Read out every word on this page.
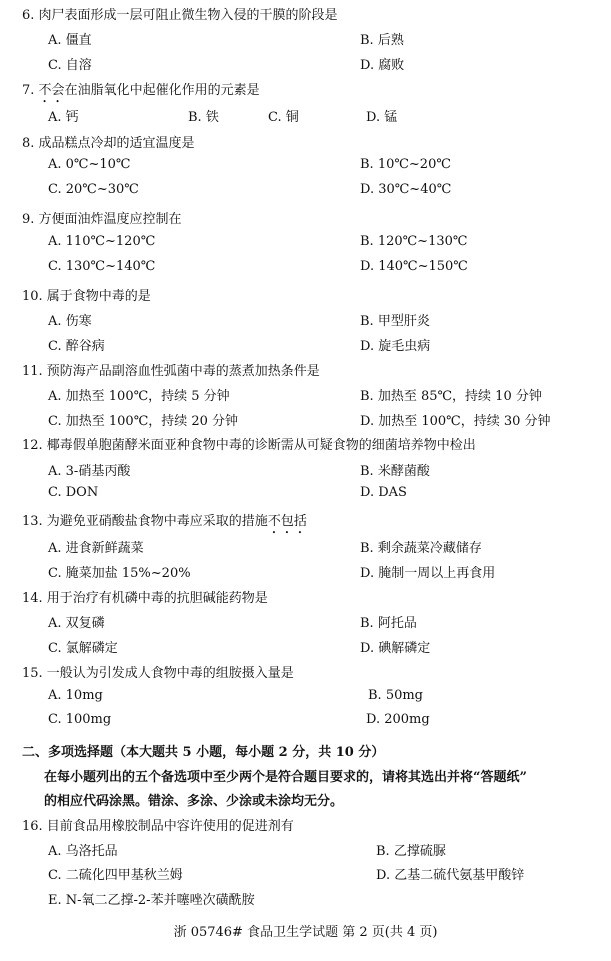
6. 肉尸表面形成一层可阻止微生物入侵的干膜的阶段是
A. 僵直	B. 后熟
C. 自溶	D. 腐败
7. 不会在油脂氧化中起催化作用的元素是
A. 钙	B. 铁	C. 铜	D. 锰
8. 成品糕点冷却的适宜温度是
A. 0℃~10℃	B. 10℃~20℃
C. 20℃~30℃	D. 30℃~40℃
9. 方便面油炸温度应控制在
A. 110℃~120℃	B. 120℃~130℃
C. 130℃~140℃	D. 140℃~150℃
10. 属于食物中毒的是
A. 伤寒	B. 甲型肝炎
C. 醉谷病	D. 旋毛虫病
11. 预防海产品副溶血性弧菌中毒的蒸煮加热条件是
A. 加热至 100℃，持续 5 分钟	B. 加热至 85℃，持续 10 分钟
C. 加热至 100℃，持续 20 分钟	D. 加热至 100℃，持续 30 分钟
12. 椰毒假单胞菌酵米面亚种食物中毒的诊断需从可疑食物的细菌培养物中检出
A. 3-硝基丙酸	B. 米酵菌酸
C. DON	D. DAS
13. 为避免亚硝酸盐食物中毒应采取的措施不包括
A. 进食新鲜蔬菜	B. 剩余蔬菜冷藏储存
C. 腌菜加盐 15%~20%	D. 腌制一周以上再食用
14. 用于治疗有机磷中毒的抗胆碱能药物是
A. 双复磷	B. 阿托品
C. 氯解磷定	D. 碘解磷定
15. 一般认为引发成人食物中毒的组胺摄入量是
A. 10mg	B. 50mg
C. 100mg	D. 200mg
二、多项选择题（本大题共 5 小题，每小题 2 分，共 10 分）
在每小题列出的五个备选项中至少两个是符合题目要求的，请将其选出并将“答题纸”
的相应代码涂黑。错涂、多涂、少涂或未涂均无分。
16. 目前食品用橡胶制品中容许使用的促进剂有
A. 乌洛托品	B. 乙撑硫脲
C. 二硫化四甲基秋兰姆	D. 乙基二硫代氨基甲酸锌
E. N-氧二乙撑-2-苯并噻唑次磺酰胺
浙 05746# 食品卫生学试题 第 2 页(共 4 页)
